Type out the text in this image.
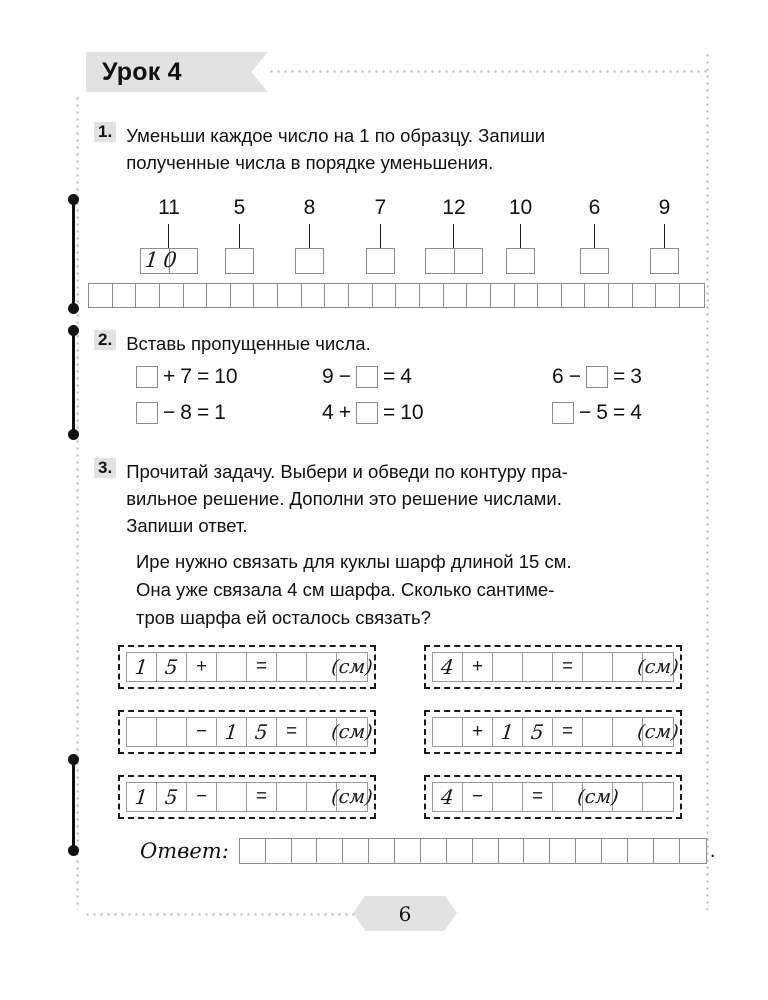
Урок 4
1. Уменьши каждое число на 1 по образцу. Запиши
полученные числа в порядке уменьшения.
11
10
5	8	7	12	10	6	9
2. Вставь пропущенные числа.
+ 7 = 10	9 − = 4	6 − = 3
− 8 = 1	4 + = 10	− 5 = 4
3. Прочитай задачу. Выбери и обведи по контуру пра-
вильное решение. Дополни это решение числами.
Запиши ответ.
Ире нужно связать для куклы шарф длиной 15 см.
Она уже связала 4 см шарфа. Сколько сантиме-
тров шарфа ей осталось связать?
1 5 +	=	(см)	4 +	=	(см)
− 1 5 = (см)	+ 1 5 =	(см)
1 5 −	=	(см)	4 −	= (см)
Ответ:	.
6
